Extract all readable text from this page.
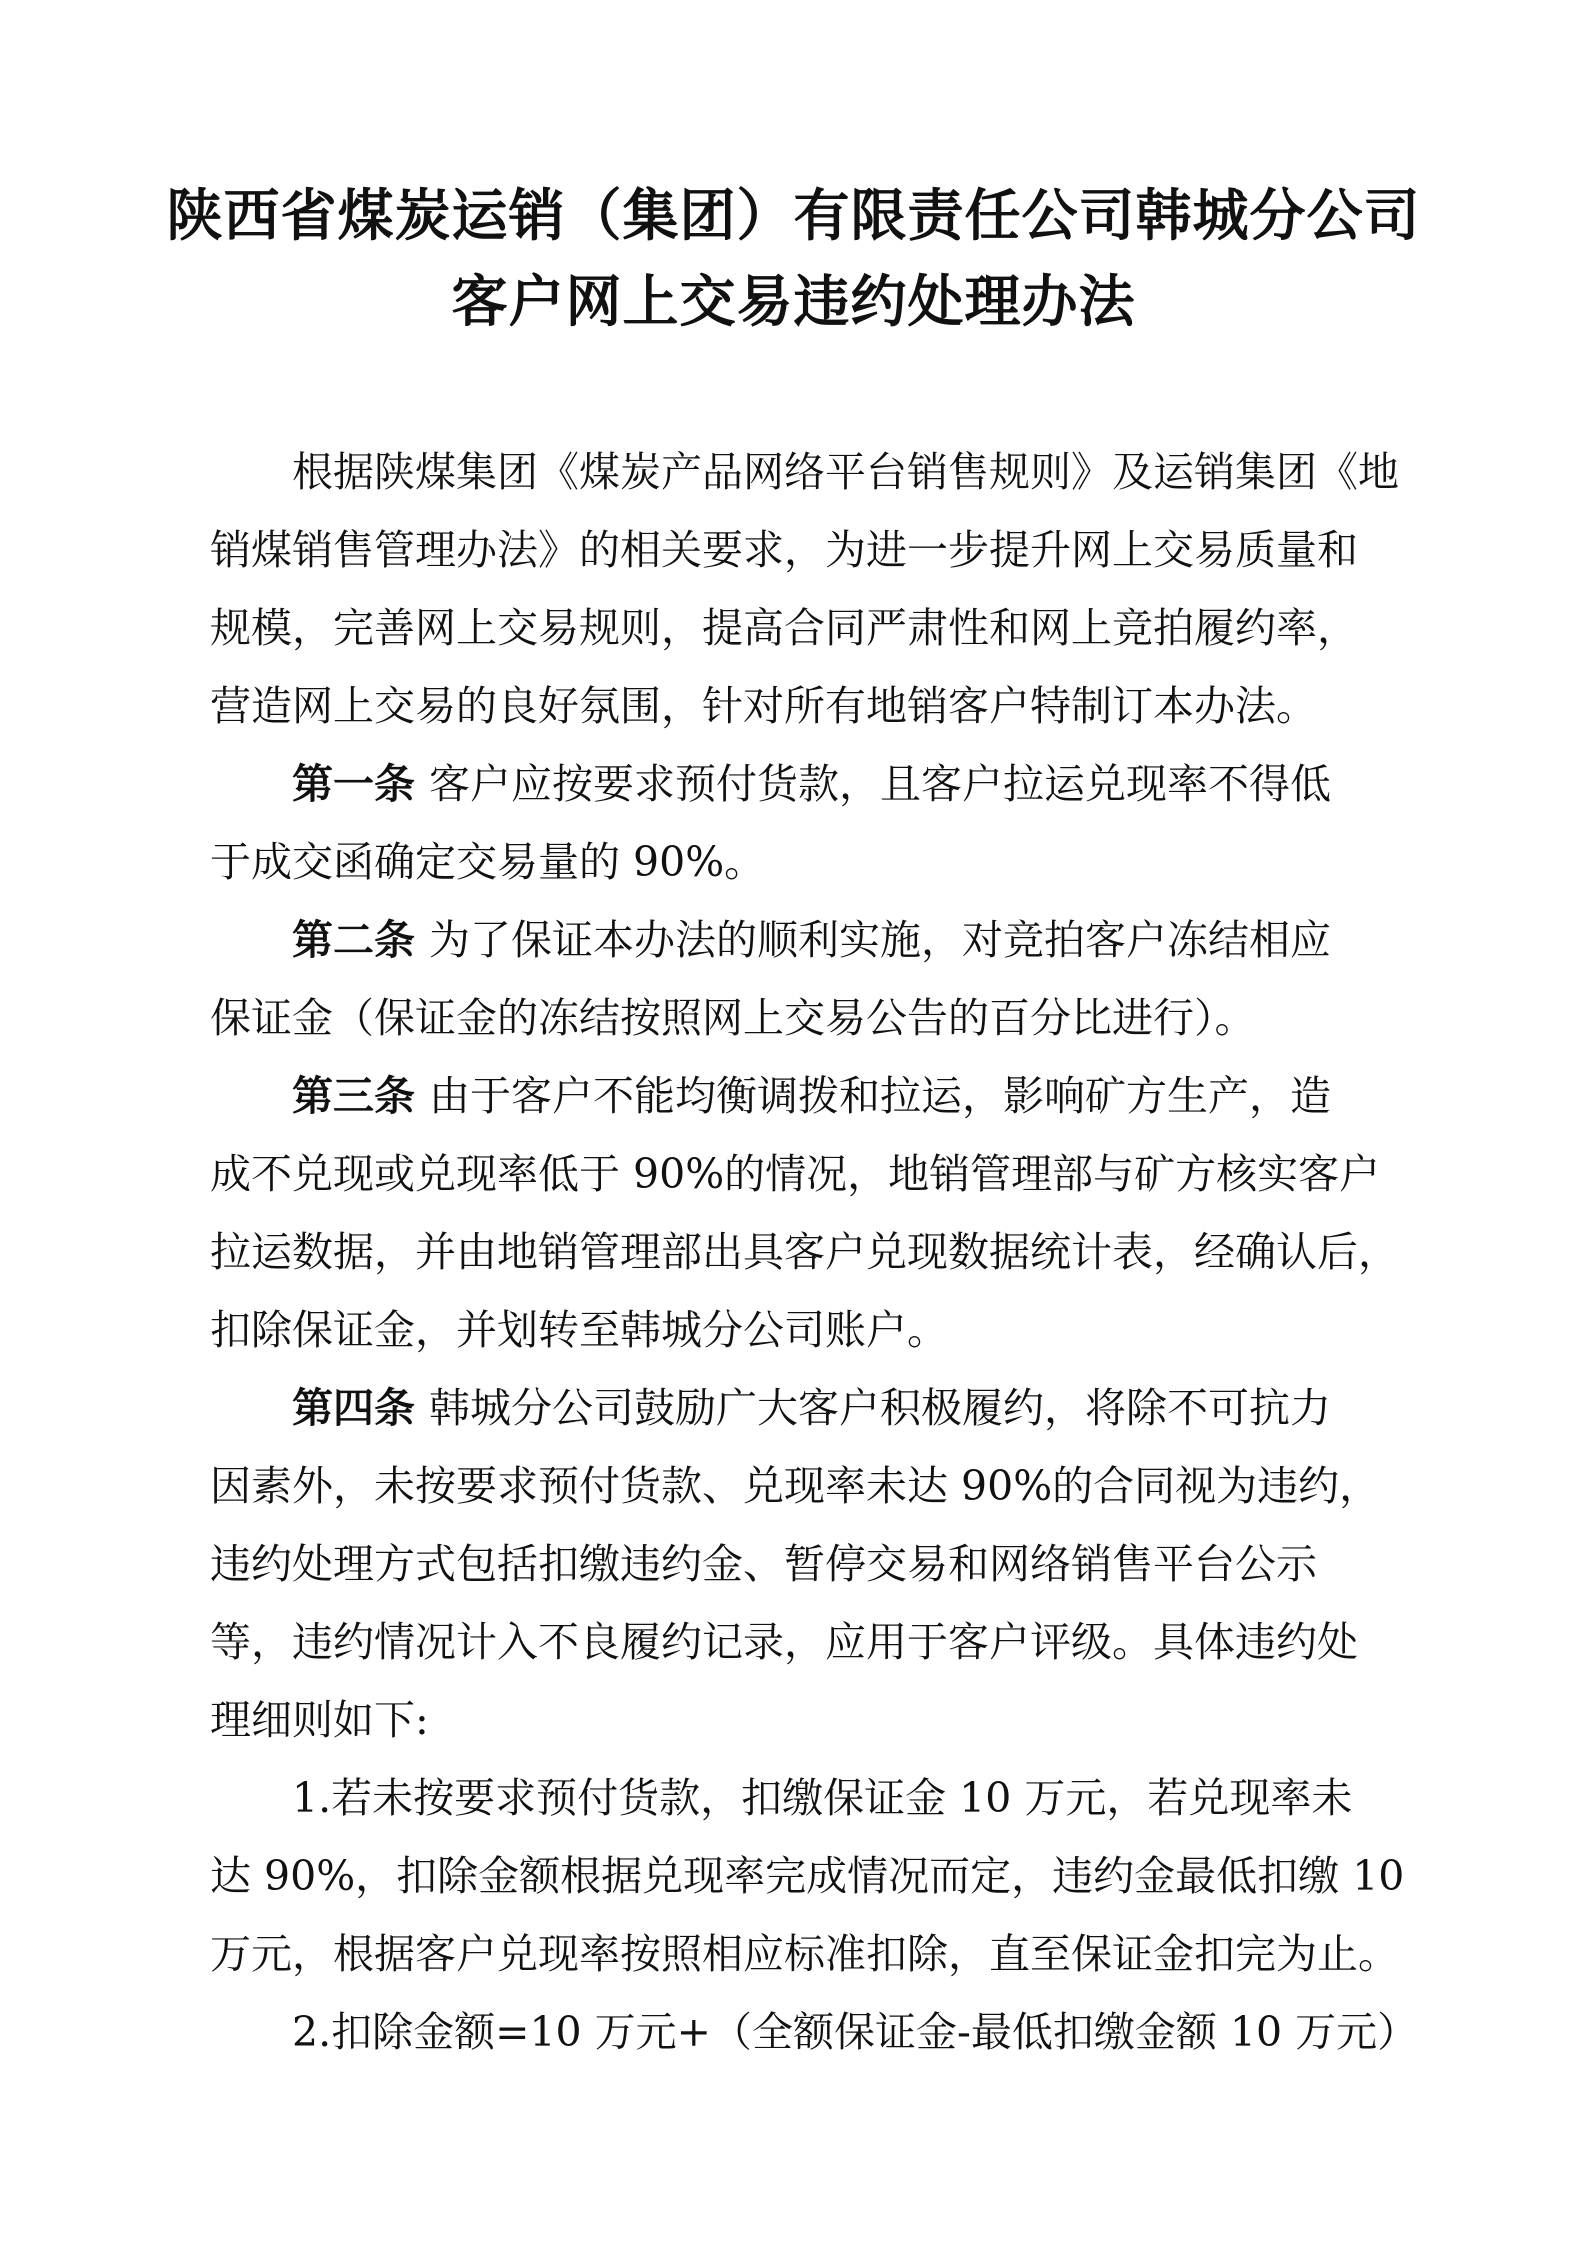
陕西省煤炭运销（集团）有限责任公司韩城分公司
客户网上交易违约处理办法
根据陕煤集团《煤炭产品网络平台销售规则》及运销集团《地
销煤销售管理办法》的相关要求，为进一步提升网上交易质量和
规模，完善网上交易规则，提高合同严肃性和网上竞拍履约率，
营造网上交易的良好氛围，针对所有地销客户特制订本办法。
第一条 客户应按要求预付货款，且客户拉运兑现率不得低
于成交函确定交易量的 90%。
第二条 为了保证本办法的顺利实施，对竞拍客户冻结相应
保证金（保证金的冻结按照网上交易公告的百分比进行）。
第三条 由于客户不能均衡调拨和拉运，影响矿方生产，造
成不兑现或兑现率低于 90%的情况，地销管理部与矿方核实客户
拉运数据，并由地销管理部出具客户兑现数据统计表，经确认后，
扣除保证金，并划转至韩城分公司账户。
第四条 韩城分公司鼓励广大客户积极履约，将除不可抗力
因素外，未按要求预付货款、兑现率未达 90%的合同视为违约，
违约处理方式包括扣缴违约金、暂停交易和网络销售平台公示
等，违约情况计入不良履约记录，应用于客户评级。具体违约处
理细则如下:
1.若未按要求预付货款，扣缴保证金 10 万元，若兑现率未
达 90%，扣除金额根据兑现率完成情况而定，违约金最低扣缴 10
万元，根据客户兑现率按照相应标准扣除，直至保证金扣完为止。
2.扣除金额=10 万元+（全额保证金-最低扣缴金额 10 万元）
